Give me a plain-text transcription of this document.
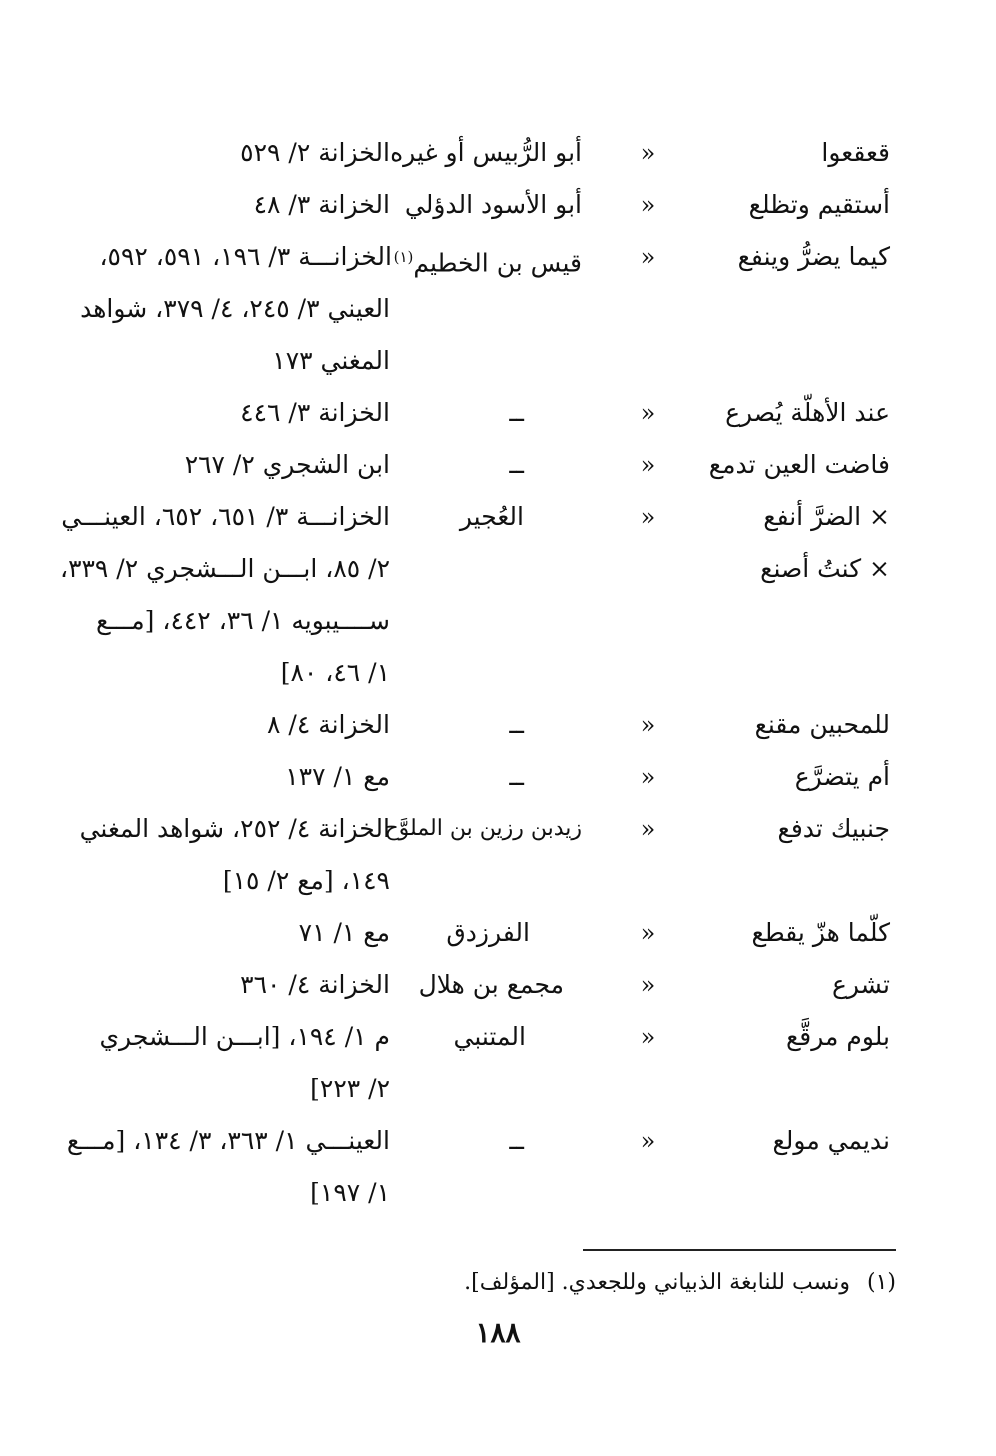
قعقعوا
«
أبو الرُّبيس أو غيره
الخزانة ٢/ ٥٢٩
أستقيم وتظلع
«
أبو الأسود الدؤلي
الخزانة ٣/ ٤٨
كيما يضرُّ وينفع
«
قيس بن الخطيم$^{(١)}$
الخزانـــة ٣/ ١٩٦، ٥٩١، ٥٩٢،
العيني ٣/ ٢٤٥، ٤/ ٣٧٩، شواهد
المغني ١٧٣
عند الأهلّة يُصرع
«
ــ
الخزانة ٣/ ٤٤٦
فاضت العين تدمع
«
ــ
ابن الشجري ٢/ ٢٦٧
× الضرَّ أنفع
«
العُجير
الخزانـــة ٣/ ٦٥١، ٦٥٢، العينـــي
× كنتُ أصنع
٢/ ٨٥، ابـــن الـــشجري ٢/ ٣٣٩،
ســــيبويه ١/ ٣٦، ٤٤٢، [مـــع
١/ ٤٦، ٨٠]
للمحبين مقنع
«
ــ
الخزانة ٤/ ٨
أم يتضرَّع
«
ــ
مع ١/ ١٣٧
جنبيك تدفع
«
زيدبن رزين بن الملوَّح
الخزانة ٤/ ٢٥٢، شواهد المغني
١٤٩، [مع ٢/ ١٥]
كلّما هزّ يقطع
«
الفرزدق
مع ١/ ٧١
تشرع
«
مجمع بن هلال
الخزانة ٤/ ٣٦٠
بلوم مرقَّع
«
المتنبي
م ١/ ١٩٤، [ابـــن الـــشجري
٢/ ٢٢٣]
نديمي مولع
«
ــ
العينـــي ١/ ٣٦٣، ٣/ ١٣٤، [مـــع
١/ ١٩٧]
(١) ونسب للنابغة الذبياني وللجعدي. [المؤلف].
١٨٨
